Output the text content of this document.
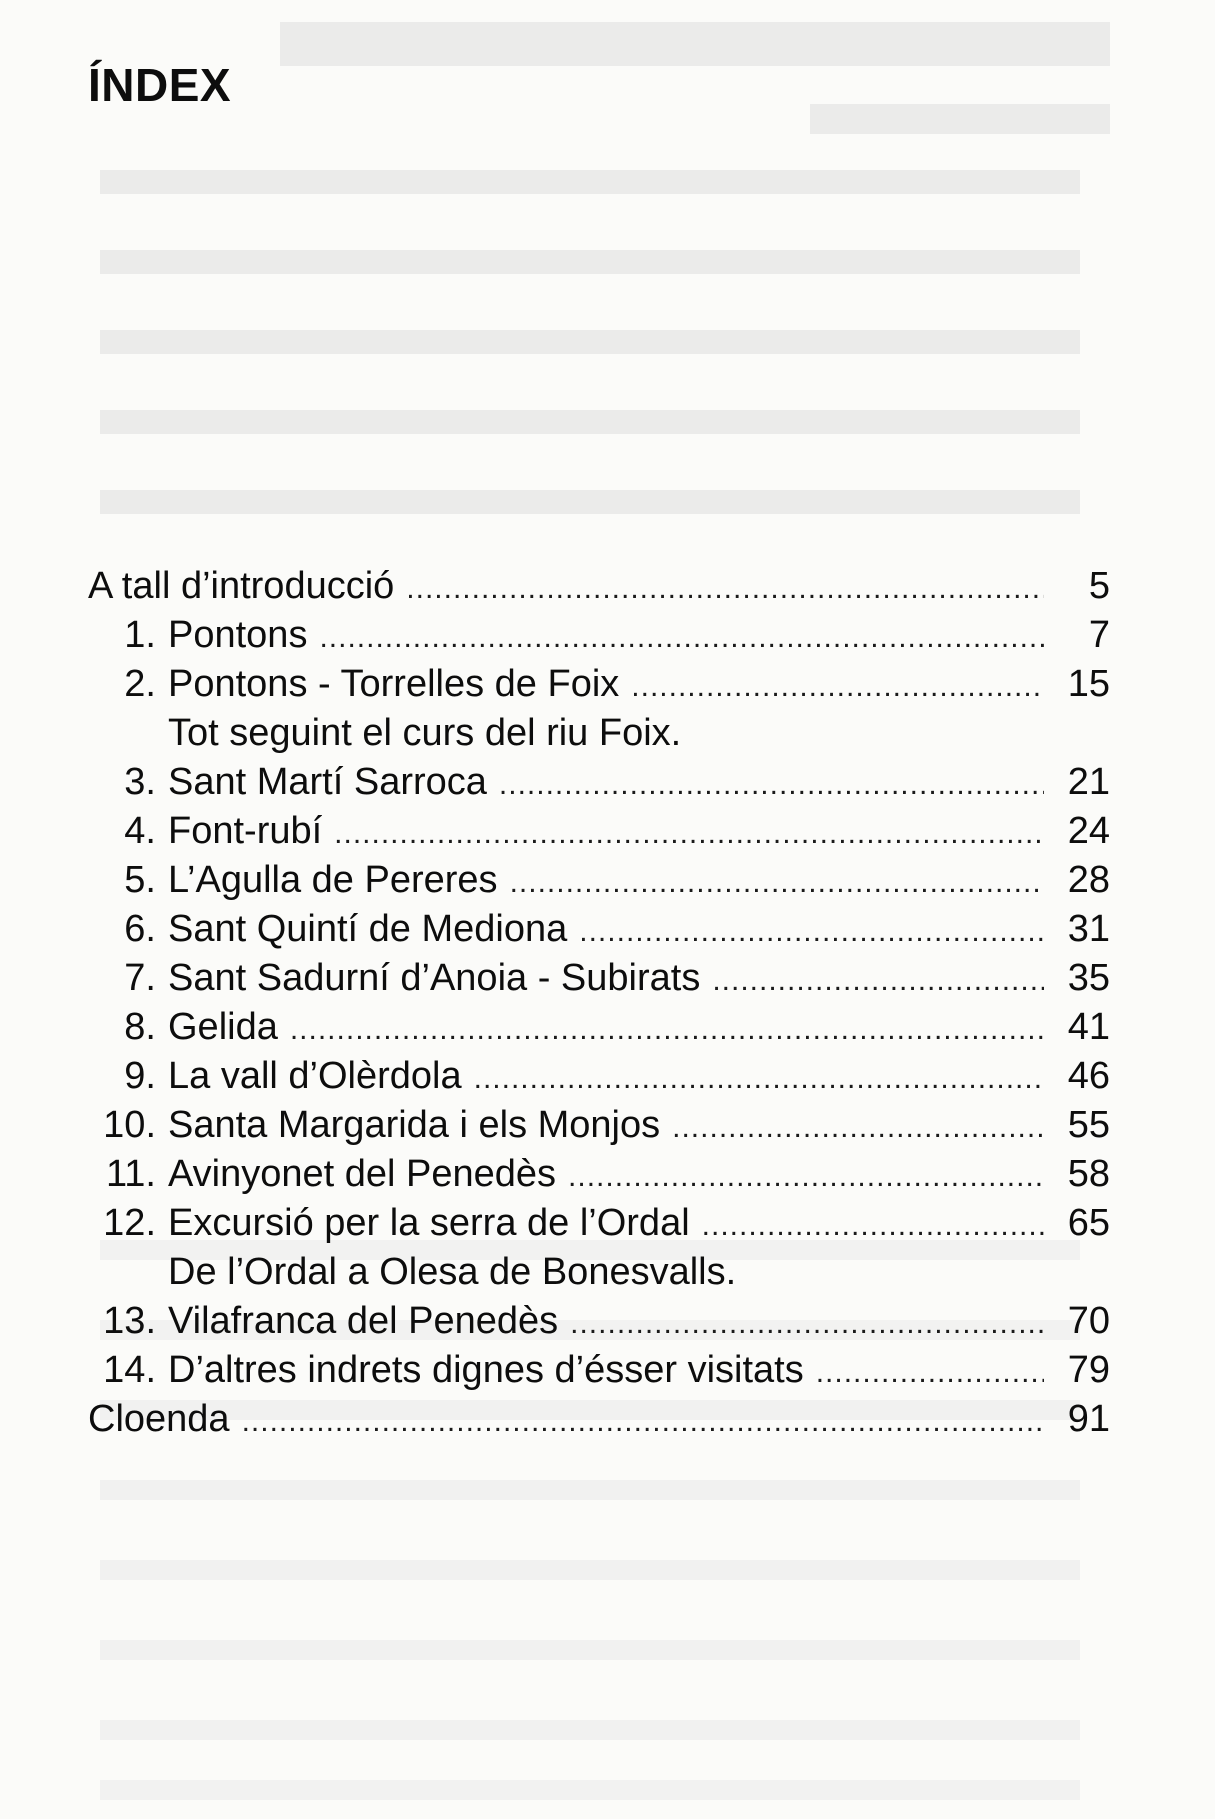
ÍNDEX
A tall d’introducció .....	5
1. Pontons .....	7
2. Pontons - Torrelles de Foix .....	15
Tot seguint el curs del riu Foix.
3. Sant Martí Sarroca .....	21
4. Font-rubí .....	24
5. L’Agulla de Pereres .....	28
6. Sant Quintí de Mediona .....	31
7. Sant Sadurní d’Anoia - Subirats .....	35
8. Gelida .....	41
9. La vall d’Olèrdola .....	46
10. Santa Margarida i els Monjos .....	55
11. Avinyonet del Penedès .....	58
12. Excursió per la serra de l’Ordal .....	65
De l’Ordal a Olesa de Bonesvalls.
13. Vilafranca del Penedès .....	70
14. D’altres indrets dignes d’ésser visitats .....	79
Cloenda .....	91
